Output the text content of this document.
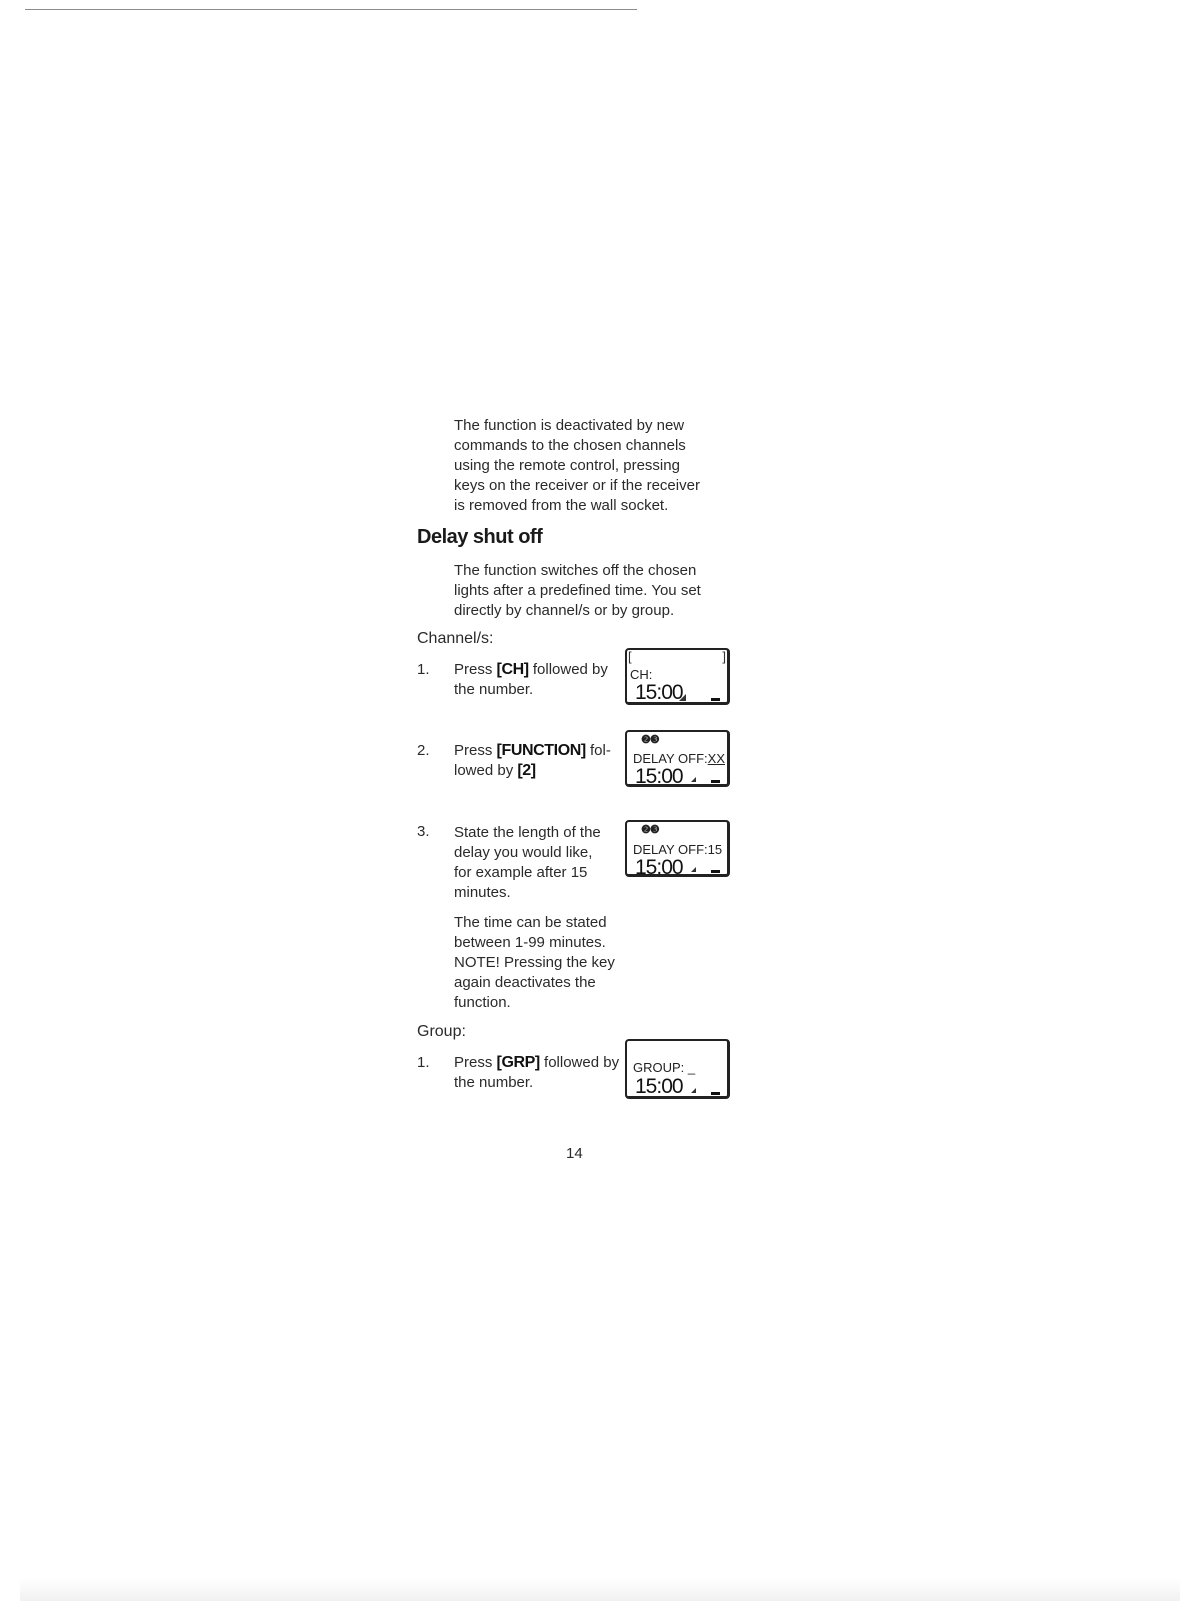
The function is deactivated by new
commands to the chosen channels
using the remote control, pressing
keys on the receiver or if the receiver
is removed from the wall socket.
Delay shut off
The function switches off the chosen
lights after a predefined time. You set
directly by channel/s or by group.
Channel/s:
1. Press [CH] followed by
the number.
[	]
CH:
15:00
2. Press [FUNCTION] fol-
lowed by [2]
❷❸
DELAY OFF:XX
15:00
3. State the length of the
delay you would like,
for example after 15
minutes.
❷❸
DELAY OFF:15
15:00
The time can be stated
between 1-99 minutes.
NOTE! Pressing the key
again deactivates the
function.
Group:
1. Press [GRP] followed by
the number.
GROUP: _
15:00
14
